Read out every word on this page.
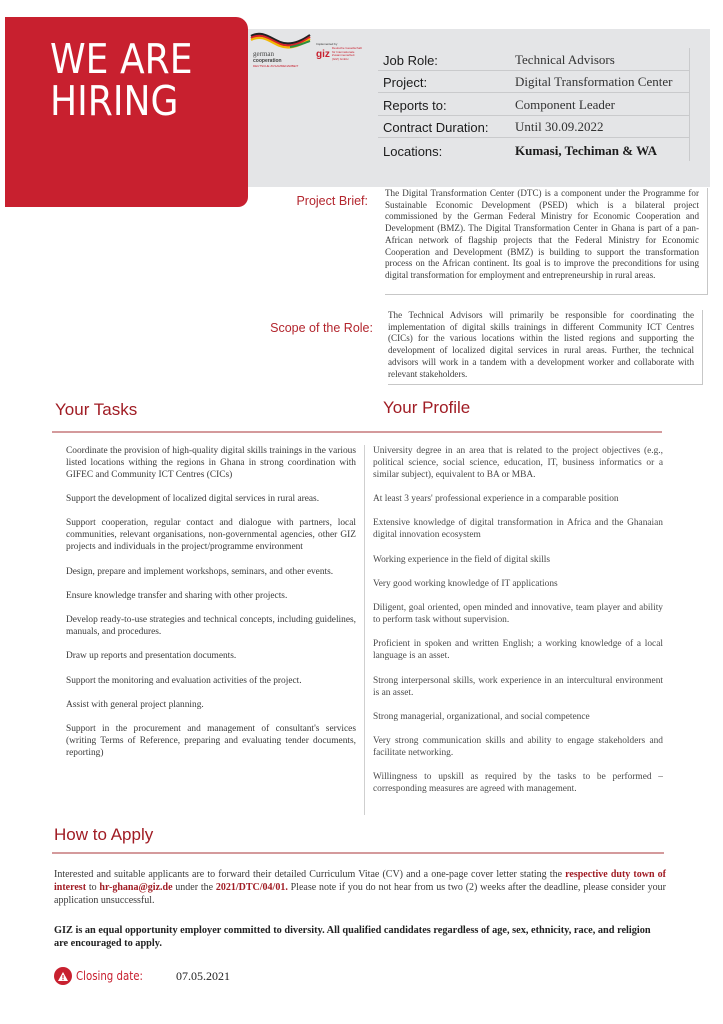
WE ARE
HIRING
german
cooperation
DEUTSCHE ZUSAMMENARBEIT
Implemented by
giz
Deutsche Gesellschaft für Internationale Zusammenarbeit (GIZ) GmbH	Job Role:	Technical Advisors
Project:	Digital Transformation Center
Reports to:	Component Leader
Contract Duration:	Until 30.09.2022
Locations:	Kumasi, Techiman & WA
Project Brief:
The Digital Transformation Center (DTC) is a component under the Programme for Sustainable Economic Development (PSED) which is a bilateral project commissioned by the German Federal Ministry for Economic Cooperation and Development (BMZ). The Digital Transformation Center in Ghana is part of a pan-African network of flagship projects that the Federal Ministry for Economic Cooperation and Development (BMZ) is building to support the transformation process on the African continent. Its goal is to improve the preconditions for using digital transformation for employment and entrepreneurship in rural areas.
Scope of the Role:
The Technical Advisors will primarily be responsible for coordinating the implementation of digital skills trainings in different Community ICT Centres (CICs) for the various locations within the listed regions and supporting the development of localized digital services in rural areas. Further, the technical advisors will work in a tandem with a development worker and collaborate with relevant stakeholders.
Your Tasks	Your Profile
Coordinate the provision of high-quality digital skills trainings in the various listed locations withing the regions in Ghana in strong coordination with GIFEC and Community ICT Centres (CICs)
Support the development of localized digital services in rural areas.
Support cooperation, regular contact and dialogue with partners, local communities, relevant organisations, non-governmental agencies, other GIZ projects and individuals in the project/programme environment
Design, prepare and implement workshops, seminars, and other events.
Ensure knowledge transfer and sharing with other projects.
Develop ready-to-use strategies and technical concepts, including guidelines, manuals, and procedures.
Draw up reports and presentation documents.
Support the monitoring and evaluation activities of the project.
Assist with general project planning.
Support in the procurement and management of consultant's services (writing Terms of Reference, preparing and evaluating tender documents, reporting)
University degree in an area that is related to the project objectives (e.g., political science, social science, education, IT, business informatics or a similar subject), equivalent to BA or MBA.
At least 3 years' professional experience in a comparable position
Extensive knowledge of digital transformation in Africa and the Ghanaian digital innovation ecosystem
Working experience in the field of digital skills
Very good working knowledge of IT applications
Diligent, goal oriented, open minded and innovative, team player and ability to perform task without supervision.
Proficient in spoken and written English; a working knowledge of a local language is an asset.
Strong interpersonal skills, work experience in an intercultural environment is an asset.
Strong managerial, organizational, and social competence
Very strong communication skills and ability to engage stakeholders and facilitate networking.
Willingness to upskill as required by the tasks to be performed – corresponding measures are agreed with management.
How to Apply
Interested and suitable applicants are to forward their detailed Curriculum Vitae (CV) and a one-page cover letter stating the respective duty town of interest to hr-ghana@giz.de under the 2021/DTC/04/01. Please note if you do not hear from us two (2) weeks after the deadline, please consider your application unsuccessful.
GIZ is an equal opportunity employer committed to diversity. All qualified candidates regardless of age, sex, ethnicity, race, and religion are encouraged to apply.
Closing date:	07.05.2021
